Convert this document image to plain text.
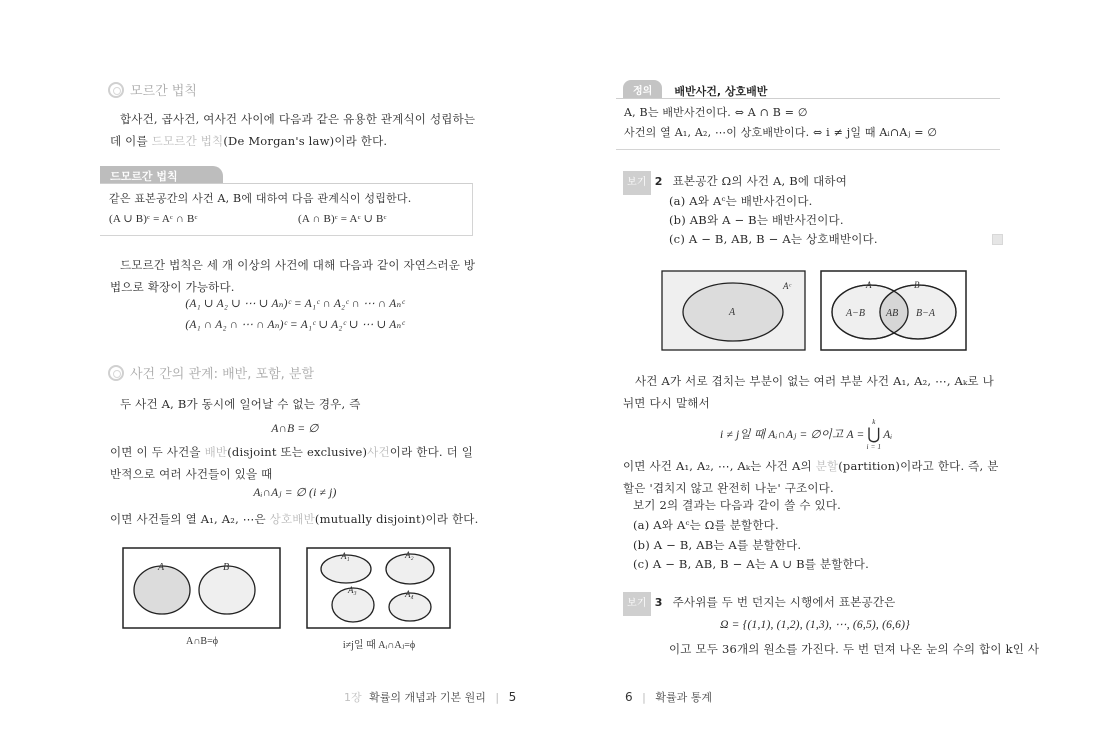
모르간 법칙
합사건, 곱사건, 여사건 사이에 다음과 같은 유용한 관계식이 성립하는데 이를 드모르간 법칙(De Morgan's law)이라 한다.
드모르간 법칙
같은 표본공간의 사건 A, B에 대하여 다음 관계식이 성립한다.
(A ∪ B)ᶜ = Aᶜ ∩ Bᶜ	(A ∩ B)ᶜ = Aᶜ ∪ Bᶜ
드모르간 법칙은 세 개 이상의 사건에 대해 다음과 같이 자연스러운 방법으로 확장이 가능하다.
(A₁ ∪ A₂ ∪ ⋯ ∪ Aₙ)ᶜ = A₁ᶜ ∩ A₂ᶜ ∩ ⋯ ∩ Aₙᶜ
(A₁ ∩ A₂ ∩ ⋯ ∩ Aₙ)ᶜ = A₁ᶜ ∪ A₂ᶜ ∪ ⋯ ∪ Aₙᶜ
사건 간의 관계: 배반, 포함, 분할
두 사건 A, B가 동시에 일어날 수 없는 경우, 즉
A∩B = ∅
이면 이 두 사건을 배반(disjoint 또는 exclusive)사건이라 한다. 더 일반적으로 여러 사건들이 있을 때
Aᵢ∩Aⱼ = ∅ (i ≠ j)
이면 사건들의 열 A₁, A₂, ⋯은 상호배반(mutually disjoint)이라 한다.
A	B
A∩B=ϕ
A₁	A₂
A₃	A₄
i≠j일 때 Aᵢ∩Aⱼ=ϕ
1장 확률의 개념과 기본 원리 | 5
정의	배반사건, 상호배반
A, B는 배반사건이다. ⇔ A ∩ B = ∅
사건의 열 A₁, A₂, ⋯이 상호배반이다. ⇔ i ≠ j일 때 Aᵢ∩Aⱼ = ∅
보기 2 표본공간 Ω의 사건 A, B에 대하여
(a) A와 Aᶜ는 배반사건이다.
(b) AB와 A − B는 배반사건이다.
(c) A − B, AB, B − A는 상호배반이다.
A
Aᶜ	A	B
A−B AB B−A
사건 A가 서로 겹치는 부분이 없는 여러 부분 사건 A₁, A₂, ⋯, Aₖ로 나뉘면 다시 말해서
i ≠ j일 때 Aᵢ∩Aⱼ = ∅이고 A =
k
⋃
i = 1
Aᵢ
이면 사건 A₁, A₂, ⋯, Aₖ는 사건 A의 분할(partition)이라고 한다. 즉, 분할은 '겹치지 않고 완전히 나눈' 구조이다.
보기 2의 결과는 다음과 같이 쓸 수 있다.
(a) A와 Aᶜ는 Ω를 분할한다.
(b) A − B, AB는 A를 분할한다.
(c) A − B, AB, B − A는 A ∪ B를 분할한다.
보기 3 주사위를 두 번 던지는 시행에서 표본공간은
Ω = {(1,1), (1,2), (1,3), ⋯, (6,5), (6,6)}
이고 모두 36개의 원소를 가진다. 두 번 던져 나온 눈의 수의 합이 k인 사
6 | 확률과 통계
